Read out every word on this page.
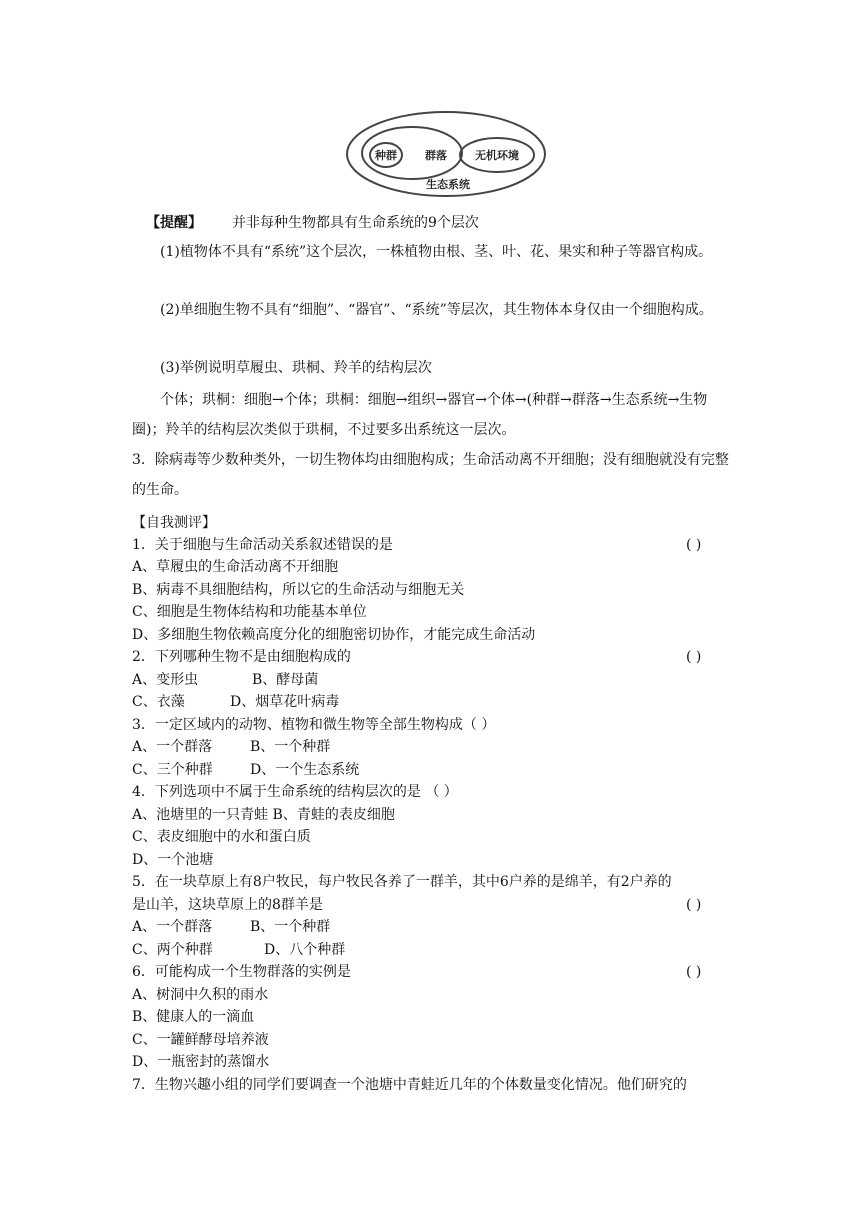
种群	群落	无机环境
生态系统
【提醒】 并非每种生物都具有生命系统的9个层次
(1)植物体不具有“系统”这个层次，一株植物由根、茎、叶、花、果实和种子等器官构成。
(2)单细胞生物不具有“细胞”、“器官”、“系统”等层次，其生物体本身仅由一个细胞构成。
(3)举例说明草履虫、珙桐、羚羊的结构层次
个体；珙桐：细胞→个体；珙桐：细胞→组织→器官→个体→(种群→群落→生态系统→生物圈)；羚羊的结构层次类似于珙桐，不过要多出系统这一层次。
3．除病毒等少数种类外，一切生物体均由细胞构成；生命活动离不开细胞；没有细胞就没有完整的生命。
【自我测评】
1．关于细胞与生命活动关系叙述错误的是	( )
A、草履虫的生命活动离不开细胞
B、病毒不具细胞结构，所以它的生命活动与细胞无关
C、细胞是生物体结构和功能基本单位
D、多细胞生物依赖高度分化的细胞密切协作，才能完成生命活动
2．下列哪种生物不是由细胞构成的	( )
A、变形虫	B、酵母菌
C、衣藻	D、烟草花叶病毒
3．一定区域内的动物、植物和微生物等全部生物构成（ ）
A、一个群落	B、一个种群
C、三个种群	D、一个生态系统
4．下列选项中不属于生命系统的结构层次的是 （ ）
A、池塘里的一只青蛙 B、青蛙的表皮细胞
C、表皮细胞中的水和蛋白质
D、一个池塘
5．在一块草原上有8户牧民，每户牧民各养了一群羊，其中6户养的是绵羊，有2户养的
是山羊，这块草原上的8群羊是	( )
A、一个群落	B、一个种群
C、两个种群	D、八个种群
6．可能构成一个生物群落的实例是	( )
A、树洞中久积的雨水
B、健康人的一滴血
C、一罐鲜酵母培养液
D、一瓶密封的蒸馏水
7．生物兴趣小组的同学们要调查一个池塘中青蛙近几年的个体数量变化情况。他们研究的
